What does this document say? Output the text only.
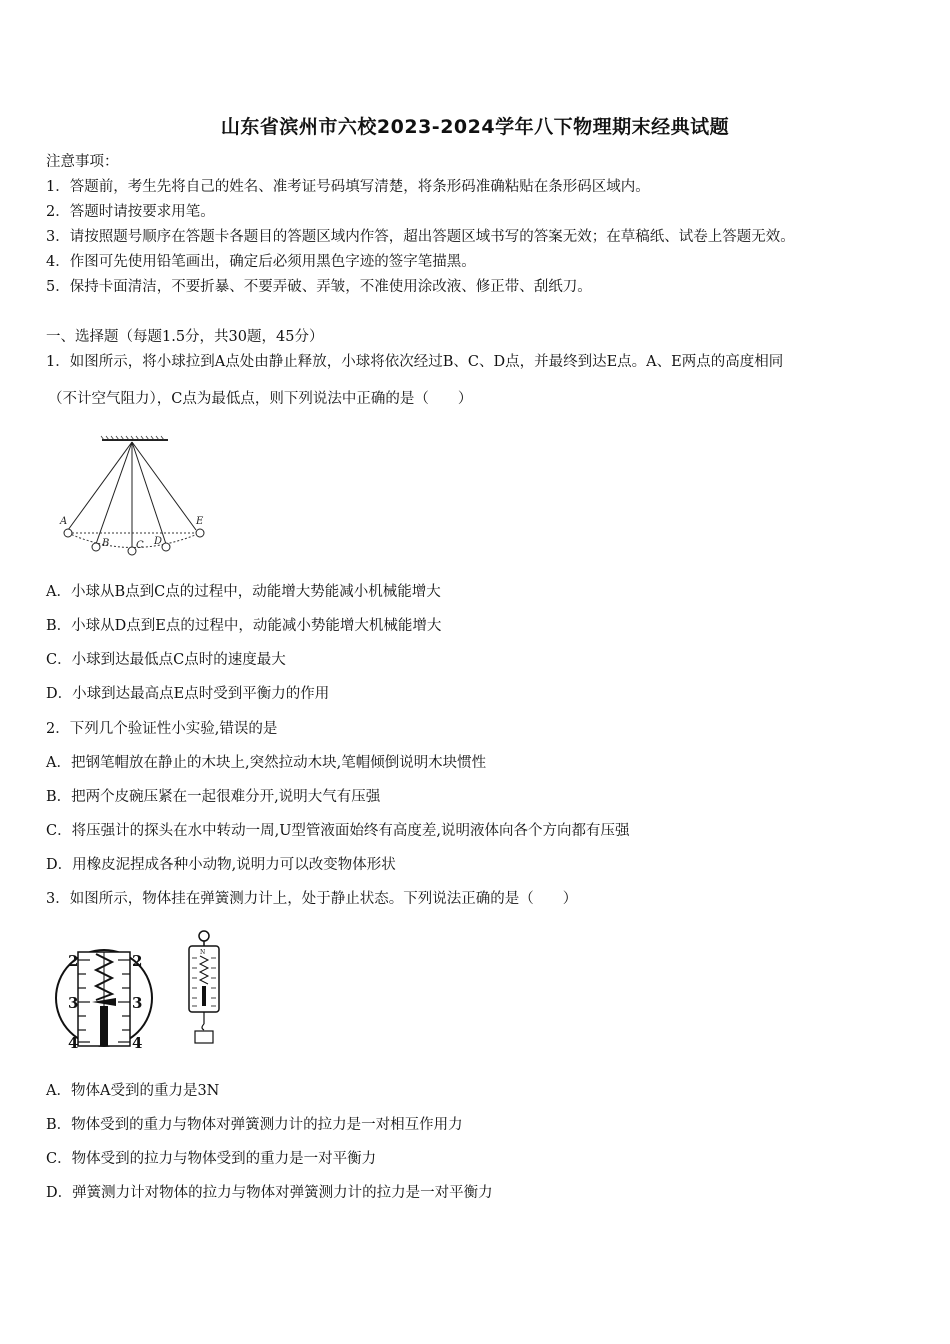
山东省滨州市六校2023-2024学年八下物理期末经典试题
注意事项：
1．答题前，考生先将自己的姓名、准考证号码填写清楚，将条形码准确粘贴在条形码区域内。
2．答题时请按要求用笔。
3．请按照题号顺序在答题卡各题目的答题区域内作答，超出答题区域书写的答案无效；在草稿纸、试卷上答题无效。
4．作图可先使用铅笔画出，确定后必须用黑色字迹的签字笔描黑。
5．保持卡面清洁，不要折暴、不要弄破、弄皱，不准使用涂改液、修正带、刮纸刀。
一、选择题（每题1.5分，共30题，45分）
1．如图所示，将小球拉到A点处由静止释放，小球将依次经过B、C、D点，并最终到达E点。A、E两点的高度相同
（不计空气阻力），C点为最低点，则下列说法中正确的是（　　）
A
B	C D
E
A．小球从B点到C点的过程中，动能增大势能减小机械能增大
B．小球从D点到E点的过程中，动能减小势能增大机械能增大
C．小球到达最低点C点时的速度最大
D．小球到达最高点E点时受到平衡力的作用
2．下列几个验证性小实验,错误的是
A．把钢笔帽放在静止的木块上,突然拉动木块,笔帽倾倒说明木块惯性
B．把两个皮碗压紧在一起很难分开,说明大气有压强
C．将压强计的探头在水中转动一周,U型管液面始终有高度差,说明液体向各个方向都有压强
D．用橡皮泥捏成各种小动物,说明力可以改变物体形状
3．如图所示，物体挂在弹簧测力计上，处于静止状态。下列说法正确的是（　　）
2	2
3	3
4	4
N
A．物体A受到的重力是3N
B．物体受到的重力与物体对弹簧测力计的拉力是一对相互作用力
C．物体受到的拉力与物体受到的重力是一对平衡力
D．弹簧测力计对物体的拉力与物体对弹簧测力计的拉力是一对平衡力
